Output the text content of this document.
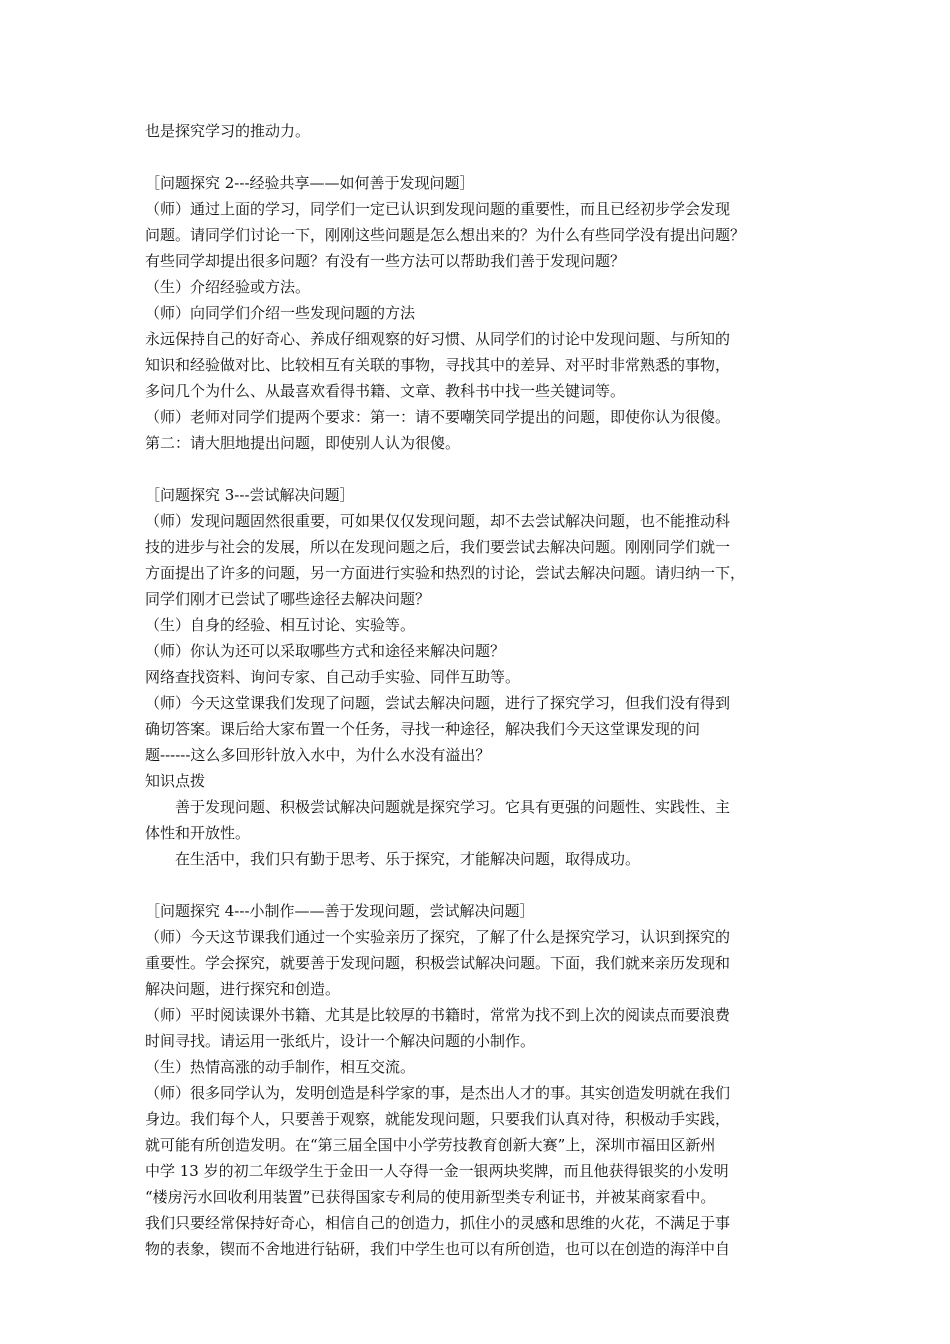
也是探究学习的推动力。
［问题探究 2---经验共享——如何善于发现问题］
（师）通过上面的学习，同学们一定已认识到发现问题的重要性，而且已经初步学会发现
问题。请同学们讨论一下，刚刚这些问题是怎么想出来的？为什么有些同学没有提出问题？
有些同学却提出很多问题？有没有一些方法可以帮助我们善于发现问题？
（生）介绍经验或方法。
（师）向同学们介绍一些发现问题的方法
永远保持自己的好奇心、养成仔细观察的好习惯、从同学们的讨论中发现问题、与所知的
知识和经验做对比、比较相互有关联的事物，寻找其中的差异、对平时非常熟悉的事物，
多问几个为什么、从最喜欢看得书籍、文章、教科书中找一些关键词等。
（师）老师对同学们提两个要求：第一：请不要嘲笑同学提出的问题，即使你认为很傻。
第二：请大胆地提出问题，即使别人认为很傻。
［问题探究 3---尝试解决问题］
（师）发现问题固然很重要，可如果仅仅发现问题，却不去尝试解决问题，也不能推动科
技的进步与社会的发展，所以在发现问题之后，我们要尝试去解决问题。刚刚同学们就一
方面提出了许多的问题，另一方面进行实验和热烈的讨论，尝试去解决问题。请归纳一下，
同学们刚才已尝试了哪些途径去解决问题？
（生）自身的经验、相互讨论、实验等。
（师）你认为还可以采取哪些方式和途径来解决问题？
网络查找资料、询问专家、自己动手实验、同伴互助等。
（师）今天这堂课我们发现了问题，尝试去解决问题，进行了探究学习，但我们没有得到
确切答案。课后给大家布置一个任务，寻找一种途径，解决我们今天这堂课发现的问
题------这么多回形针放入水中，为什么水没有溢出？
知识点拨
善于发现问题、积极尝试解决问题就是探究学习。它具有更强的问题性、实践性、主
体性和开放性。
在生活中，我们只有勤于思考、乐于探究，才能解决问题，取得成功。
［问题探究 4---小制作——善于发现问题，尝试解决问题］
（师）今天这节课我们通过一个实验亲历了探究，了解了什么是探究学习，认识到探究的
重要性。学会探究，就要善于发现问题，积极尝试解决问题。下面，我们就来亲历发现和
解决问题，进行探究和创造。
（师）平时阅读课外书籍、尤其是比较厚的书籍时，常常为找不到上次的阅读点而要浪费
时间寻找。请运用一张纸片，设计一个解决问题的小制作。
（生）热情高涨的动手制作，相互交流。
（师）很多同学认为，发明创造是科学家的事，是杰出人才的事。其实创造发明就在我们
身边。我们每个人，只要善于观察，就能发现问题，只要我们认真对待，积极动手实践，
就可能有所创造发明。在“第三届全国中小学劳技教育创新大赛”上，深圳市福田区新州
中学 13 岁的初二年级学生于金田一人夺得一金一银两块奖牌，而且他获得银奖的小发明
“楼房污水回收利用装置”已获得国家专利局的使用新型类专利证书，并被某商家看中。
我们只要经常保持好奇心，相信自己的创造力，抓住小的灵感和思维的火花，不满足于事
物的表象，锲而不舍地进行钻研，我们中学生也可以有所创造，也可以在创造的海洋中自
